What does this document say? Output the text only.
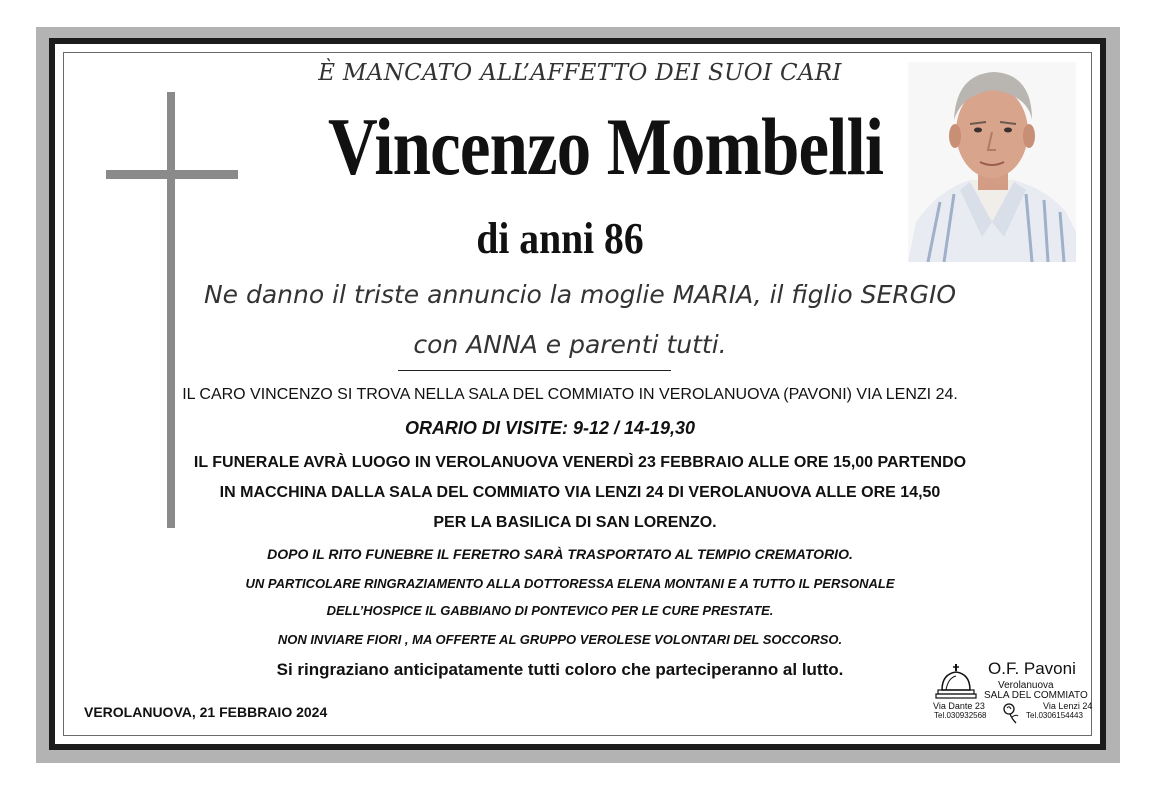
È MANCATO ALL’AFFETTO DEI SUOI CARI
Vincenzo Mombelli
di anni 86
Ne danno il triste annuncio la moglie MARIA, il figlio SERGIO
con ANNA e parenti tutti.
IL CARO VINCENZO SI TROVA NELLA SALA DEL COMMIATO IN VEROLANUOVA (PAVONI) VIA LENZI 24.
ORARIO DI VISITE: 9-12 / 14-19,30
IL FUNERALE AVRÀ LUOGO IN VEROLANUOVA VENERDÌ 23 FEBBRAIO ALLE ORE 15,00 PARTENDO
IN MACCHINA DALLA SALA DEL COMMIATO VIA LENZI 24 DI VEROLANUOVA ALLE ORE 14,50
PER LA BASILICA DI SAN LORENZO.
DOPO IL RITO FUNEBRE IL FERETRO SARÀ TRASPORTATO AL TEMPIO CREMATORIO.
UN PARTICOLARE RINGRAZIAMENTO ALLA DOTTORESSA ELENA MONTANI E A TUTTO IL PERSONALE
DELL’HOSPICE IL GABBIANO DI PONTEVICO PER LE CURE PRESTATE.
NON INVIARE FIORI , MA OFFERTE AL GRUPPO VEROLESE VOLONTARI DEL SOCCORSO.
Si ringraziano anticipatamente tutti coloro che parteciperanno al lutto.
VEROLANUOVA, 21 FEBBRAIO 2024
O.F. Pavoni
Verolanuova
SALA DEL COMMIATO
Via Dante 23
Tel.030932568
Via Lenzi 24
Tel.0306154443
